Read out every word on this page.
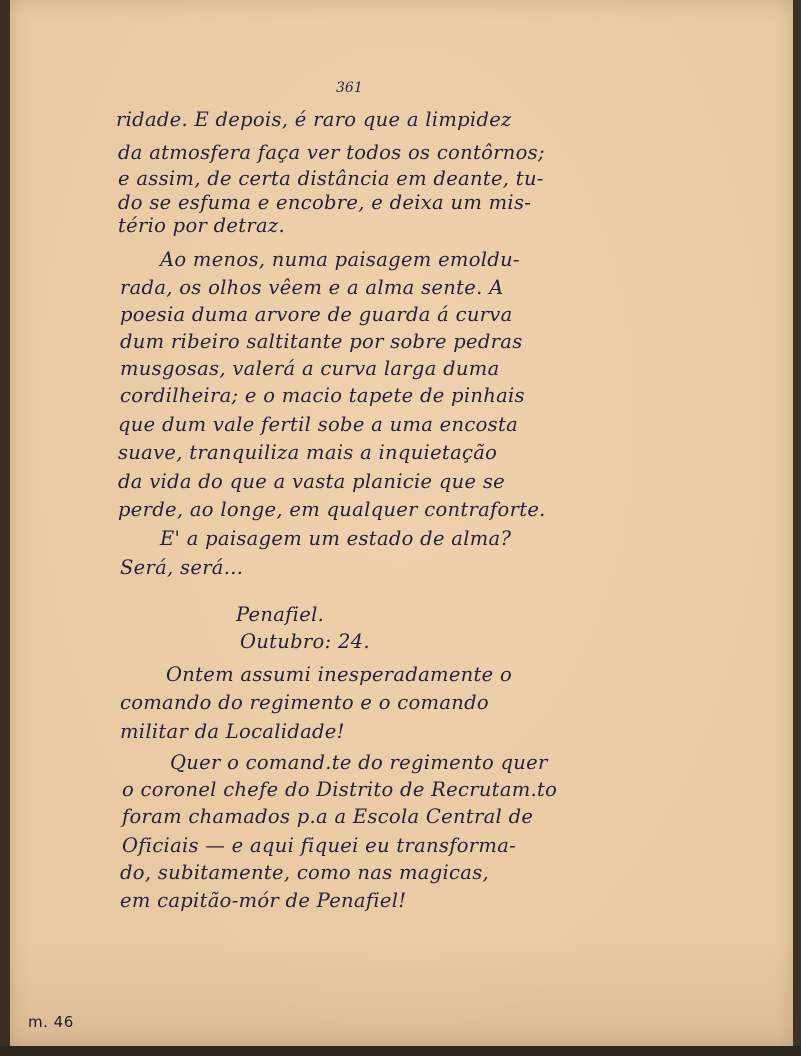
361
ridade. E depois, é raro que a limpidez
da atmosfera faça ver todos os contôrnos;
e assim, de certa distância em deante, tu-
do se esfuma e encobre, e deixa um mis-
tério por detraz.
Ao menos, numa paisagem emoldu-
rada, os olhos vêem e a alma sente. A
poesia duma arvore de guarda á curva
dum ribeiro saltitante por sobre pedras
musgosas, valerá a curva larga duma
cordilheira; e o macio tapete de pinhais
que dum vale fertil sobe a uma encosta
suave, tranquiliza mais a inquietação
da vida do que a vasta planicie que se
perde, ao longe, em qualquer contraforte.
E' a paisagem um estado de alma?
Será, será...
Penafiel.
Outubro: 24.
Ontem assumi inesperadamente o
comando do regimento e o comando
militar da Localidade!
Quer o comand.te do regimento quer
o coronel chefe do Distrito de Recrutam.to
foram chamados p.a a Escola Central de
Oficiais — e aqui fiquei eu transforma-
do, subitamente, como nas magicas,
em capitão-mór de Penafiel!
m. 46
